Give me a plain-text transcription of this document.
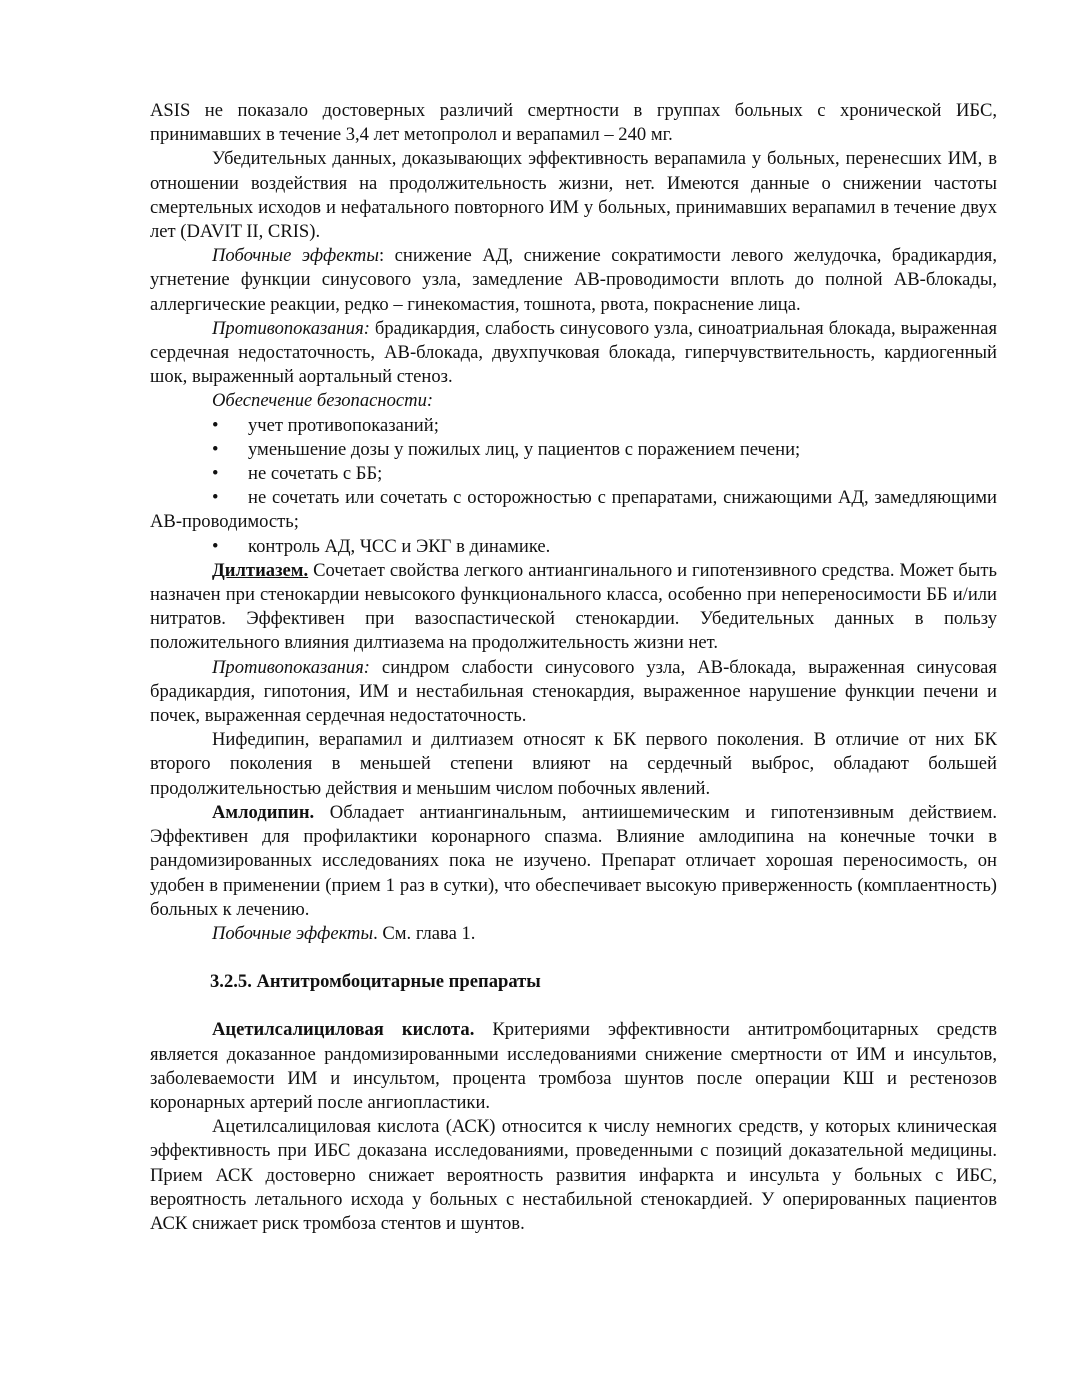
ASIS не показало достоверных различий смертности в группах больных с хронической ИБС, принимавших в течение 3,4 лет метопролол и верапамил – 240 мг.

Убедительных данных, доказывающих эффективность верапамила у больных, перенесших ИМ, в отношении воздействия на продолжительность жизни, нет. Имеются данные о снижении частоты смертельных исходов и нефатального повторного ИМ у больных, принимавших верапамил в течение двух лет (DAVIT II, CRIS).

Побочные эффекты: снижение АД, снижение сократимости левого желудочка, брадикардия, угнетение функции синусового узла, замедление АВ-проводимости вплоть до полной АВ-блокады, аллергические реакции, редко – гинекомастия, тошнота, рвота, покраснение лица.

Противопоказания: брадикардия, слабость синусового узла, синоатриальная блокада, выраженная сердечная недостаточность, АВ-блокада, двухпучковая блокада, гиперчувствительность, кардиогенный шок, выраженный аортальный стеноз.

Обеспечение безопасности:

• учет противопоказаний;

• уменьшение дозы у пожилых лиц, у пациентов с поражением печени;

• не сочетать с ББ;

• не сочетать или сочетать с осторожностью с препаратами, снижающими АД, замедляющими АВ-проводимость;

• контроль АД, ЧСС и ЭКГ в динамике.

Дилтиазем. Сочетает свойства легкого антиангинального и гипотензивного средства. Может быть назначен при стенокардии невысокого функционального класса, особенно при непереносимости ББ и/или нитратов. Эффективен при вазоспастической стенокардии. Убедительных данных в пользу положительного влияния дилтиазема на продолжительность жизни нет.

Противопоказания: синдром слабости синусового узла, АВ-блокада, выраженная синусовая брадикардия, гипотония, ИМ и нестабильная стенокардия, выраженное нарушение функции печени и почек, выраженная сердечная недостаточность.

Нифедипин, верапамил и дилтиазем относят к БК первого поколения. В отличие от них БК второго поколения в меньшей степени влияют на сердечный выброс, обладают большей продолжительностью действия и меньшим числом побочных явлений.

Амлодипин. Обладает антиангинальным, антиишемическим и гипотензивным действием. Эффективен для профилактики коронарного спазма. Влияние амлодипина на конечные точки в рандомизированных исследованиях пока не изучено. Препарат отличает хорошая переносимость, он удобен в применении (прием 1 раз в сутки), что обеспечивает высокую приверженность (комплаентность) больных к лечению.

Побочные эффекты. См. глава 1.

3.2.5. Антитромбоцитарные препараты

Ацетилсалициловая кислота. Критериями эффективности антитромбоцитарных средств является доказанное рандомизированными исследованиями снижение смертности от ИМ и инсультов, заболеваемости ИМ и инсультом, процента тромбоза шунтов после операции КШ и рестенозов коронарных артерий после ангиопластики.

Ацетилсалициловая кислота (АСК) относится к числу немногих средств, у которых клиническая эффективность при ИБС доказана исследованиями, проведенными с позиций доказательной медицины. Прием АСК достоверно снижает вероятность развития инфаркта и инсульта у больных с ИБС, вероятность летального исхода у больных с нестабильной стенокардией. У оперированных пациентов АСК снижает риск тромбоза стентов и шунтов.
